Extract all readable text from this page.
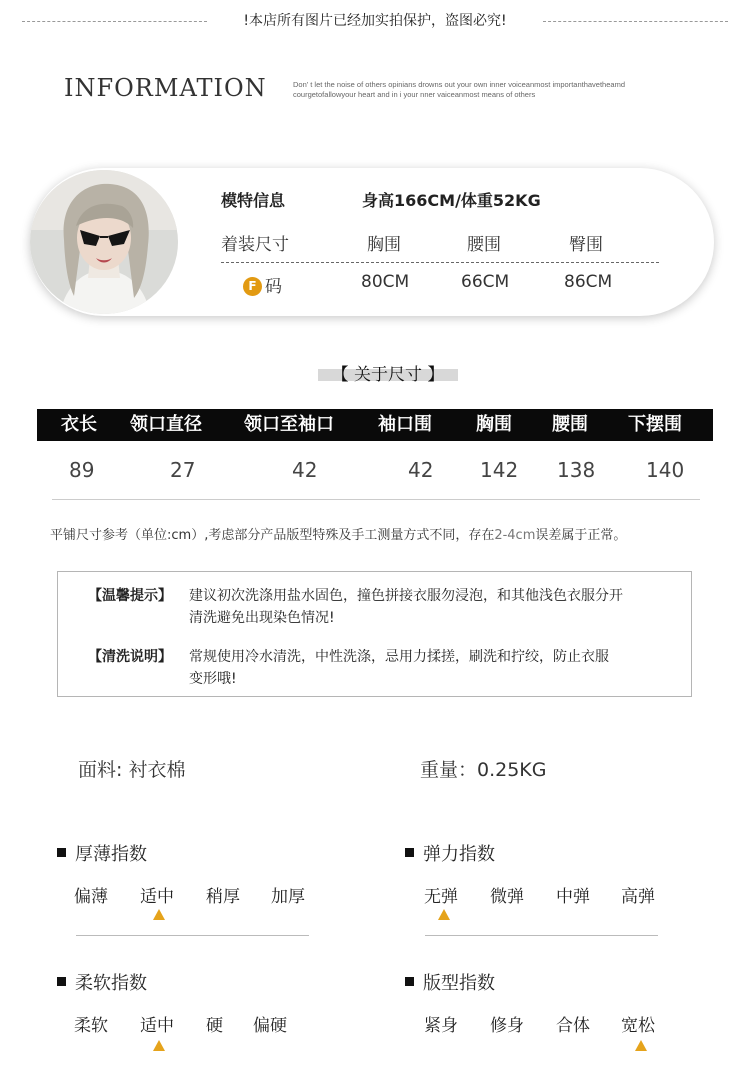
!本店所有图片已经加实拍保护，盗图必究!
INFORMATION	Don’ t let the noise of others opinians drowns out your own inner voiceanmost importanthavetheamd
courgetofallowyour heart and in i your nner vaiceanmost means of others
模特信息	身高166CM/体重52KG
着装尺寸	胸围	腰围	臀围
F 码	80CM	66CM	86CM
【 关于尺寸 】
衣长 领口直径 领口至袖口 袖口围 胸围 腰围 下摆围
89	27	42	42 142 138	140
平铺尺寸参考（单位:cm）,考虑部分产品版型特殊及手工测量方式不同，存在2-4cm误差属于正常。
【温馨提示】 建议初次洗涤用盐水固色，撞色拼接衣服勿浸泡，和其他浅色衣服分开
清洗避免出现染色情况!
【清洗说明】 常规使用冷水清洗，中性洗涤，忌用力揉搓，刷洗和拧绞，防止衣服
变形哦!
面料: 衬衣棉	重量：0.25KG
厚薄指数
偏薄 适中 稍厚 加厚
弹力指数
无弹 微弹 中弹 高弹
柔软指数
柔软 适中 硬 偏硬
版型指数
紧身 修身 合体 宽松
